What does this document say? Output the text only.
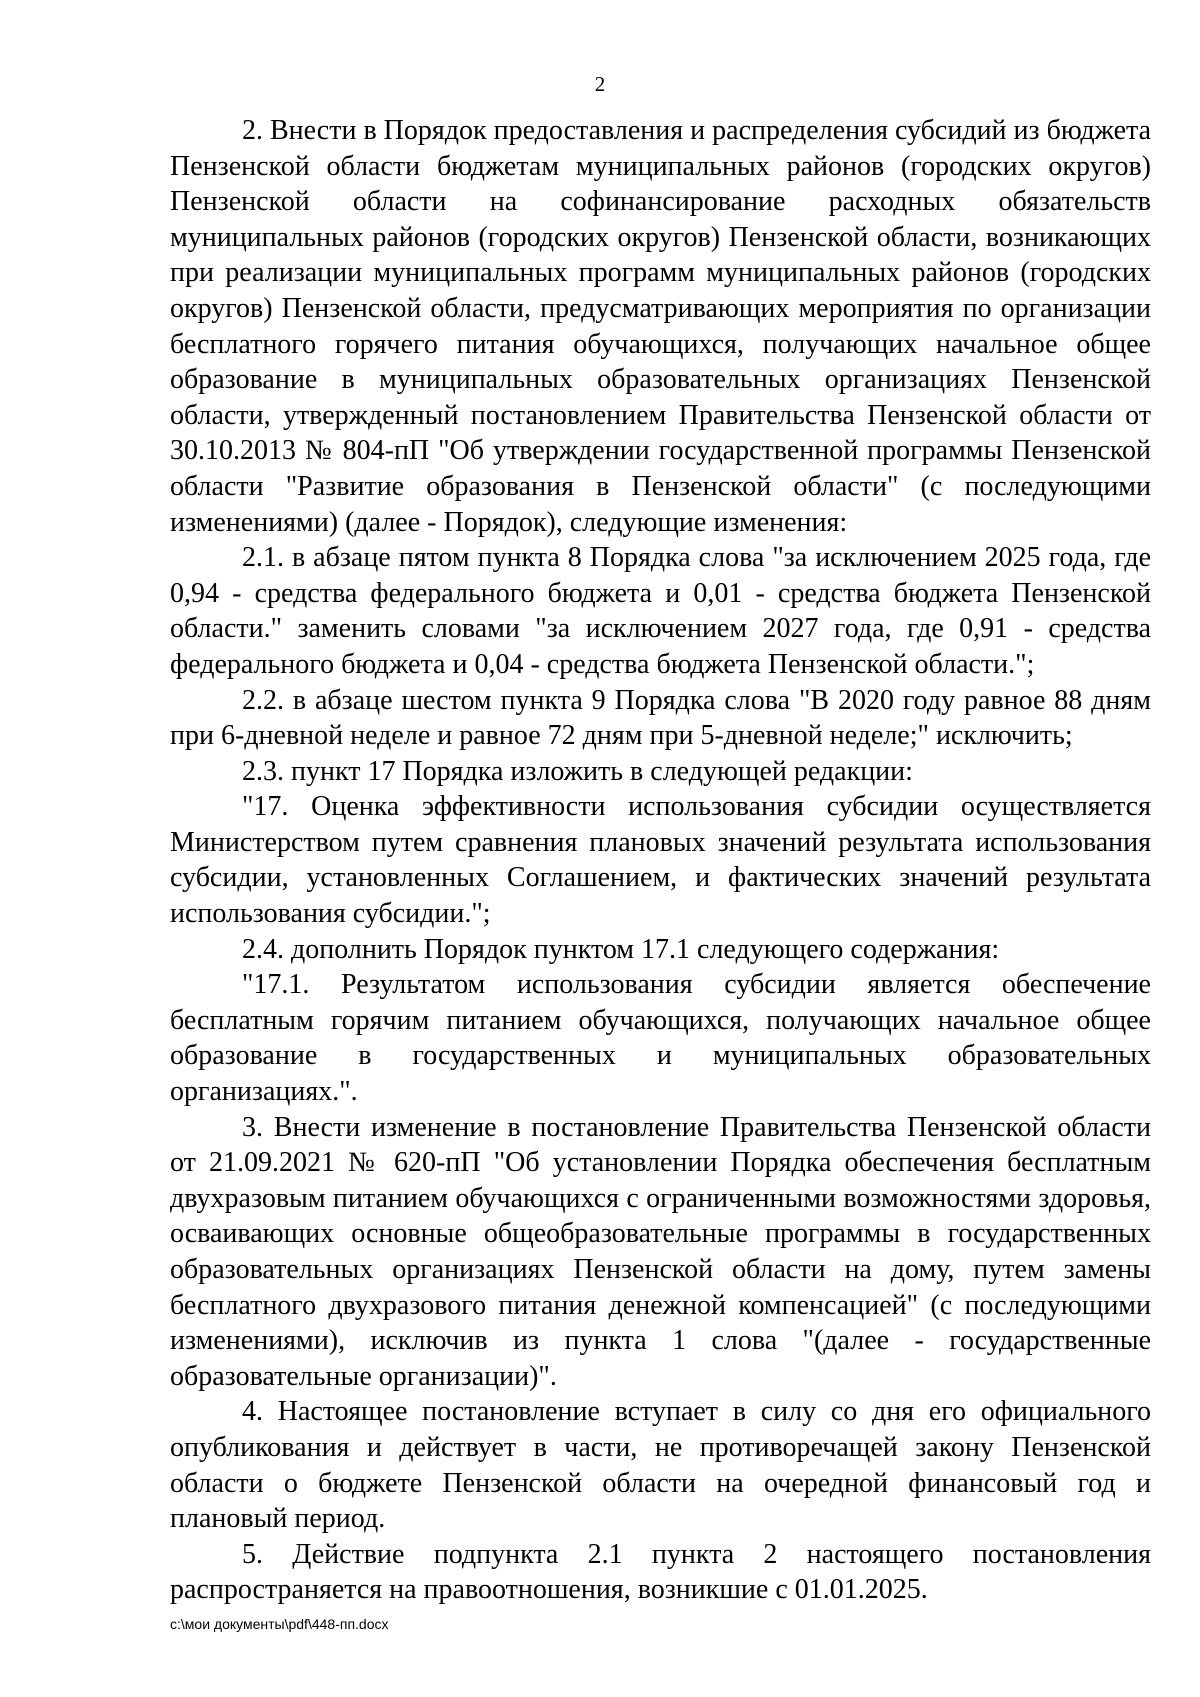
2

2. Внести в Порядок предоставления и распределения субсидий из бюджета Пензенской области бюджетам муниципальных районов (городских округов) Пензенской области на софинансирование расходных обязательств муниципальных районов (городских округов) Пензенской области, возникающих при реализации муниципальных программ муниципальных районов (городских округов) Пензенской области, предусматривающих мероприятия по организации бесплатного горячего питания обучающихся, получающих начальное общее образование в муниципальных образовательных организациях Пензенской области, утвержденный постановлением Правительства Пензенской области от 30.10.2013 № 804-пП "Об утверждении государственной программы Пензенской области "Развитие образования в Пензенской области" (с последующими изменениями) (далее - Порядок), следующие изменения:

2.1. в абзаце пятом пункта 8 Порядка слова "за исключением 2025 года, где 0,94 - средства федерального бюджета и 0,01 - средства бюджета Пензенской области." заменить словами "за исключением 2027 года, где 0,91 - средства федерального бюджета и 0,04 - средства бюджета Пензенской области.";

2.2. в абзаце шестом пункта 9 Порядка слова "В 2020 году равное 88 дням при 6-дневной неделе и равное 72 дням при 5-дневной неделе;" исключить;

2.3. пункт 17 Порядка изложить в следующей редакции:

"17. Оценка эффективности использования субсидии осуществляется Министерством путем сравнения плановых значений результата использования субсидии, установленных Соглашением, и фактических значений результата использования субсидии.";

2.4. дополнить Порядок пунктом 17.1 следующего содержания:

"17.1. Результатом использования субсидии является обеспечение бесплатным горячим питанием обучающихся, получающих начальное общее образование в государственных и муниципальных образовательных организациях.".

3. Внести изменение в постановление Правительства Пензенской области от 21.09.2021 № 620-пП "Об установлении Порядка обеспечения бесплатным двухразовым питанием обучающихся с ограниченными возможностями здоровья, осваивающих основные общеобразовательные программы в государственных образовательных организациях Пензенской области на дому, путем замены бесплатного двухразового питания денежной компенсацией" (с последующими изменениями), исключив из пункта 1 слова "(далее - государственные образовательные организации)".

4. Настоящее постановление вступает в силу со дня его официального опубликования и действует в части, не противоречащей закону Пензенской области о бюджете Пензенской области на очередной финансовый год и плановый период.

5. Действие подпункта 2.1 пункта 2 настоящего постановления распространяется на правоотношения, возникшие с 01.01.2025.

c:\мои документы\pdf\448-пп.docx
